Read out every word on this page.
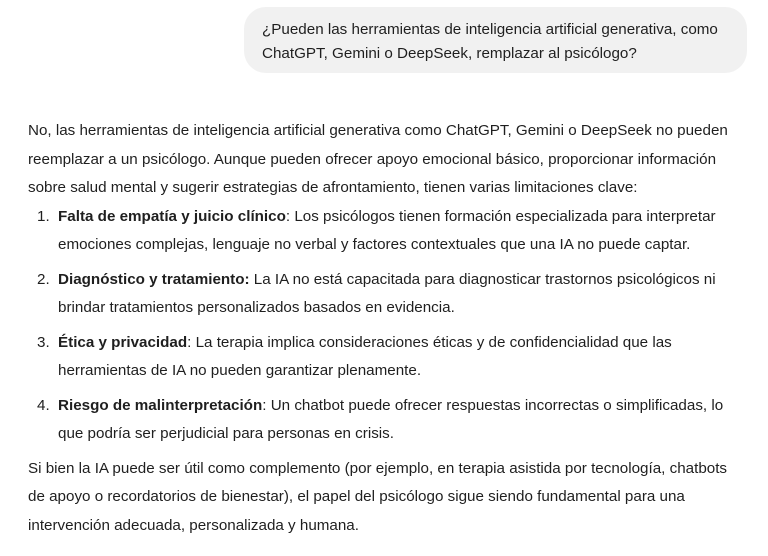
¿Pueden las herramientas de inteligencia artificial generativa, como ChatGPT, Gemini o DeepSeek, remplazar al psicólogo?

No, las herramientas de inteligencia artificial generativa como ChatGPT, Gemini o DeepSeek no pueden reemplazar a un psicólogo. Aunque pueden ofrecer apoyo emocional básico, proporcionar información sobre salud mental y sugerir estrategias de afrontamiento, tienen varias limitaciones clave:

1. Falta de empatía y juicio clínico: Los psicólogos tienen formación especializada para interpretar emociones complejas, lenguaje no verbal y factores contextuales que una IA no puede captar.
2. Diagnóstico y tratamiento: La IA no está capacitada para diagnosticar trastornos psicológicos ni brindar tratamientos personalizados basados en evidencia.
3. Ética y privacidad: La terapia implica consideraciones éticas y de confidencialidad que las herramientas de IA no pueden garantizar plenamente.
4. Riesgo de malinterpretación: Un chatbot puede ofrecer respuestas incorrectas o simplificadas, lo que podría ser perjudicial para personas en crisis.

Si bien la IA puede ser útil como complemento (por ejemplo, en terapia asistida por tecnología, chatbots de apoyo o recordatorios de bienestar), el papel del psicólogo sigue siendo fundamental para una intervención adecuada, personalizada y humana.
